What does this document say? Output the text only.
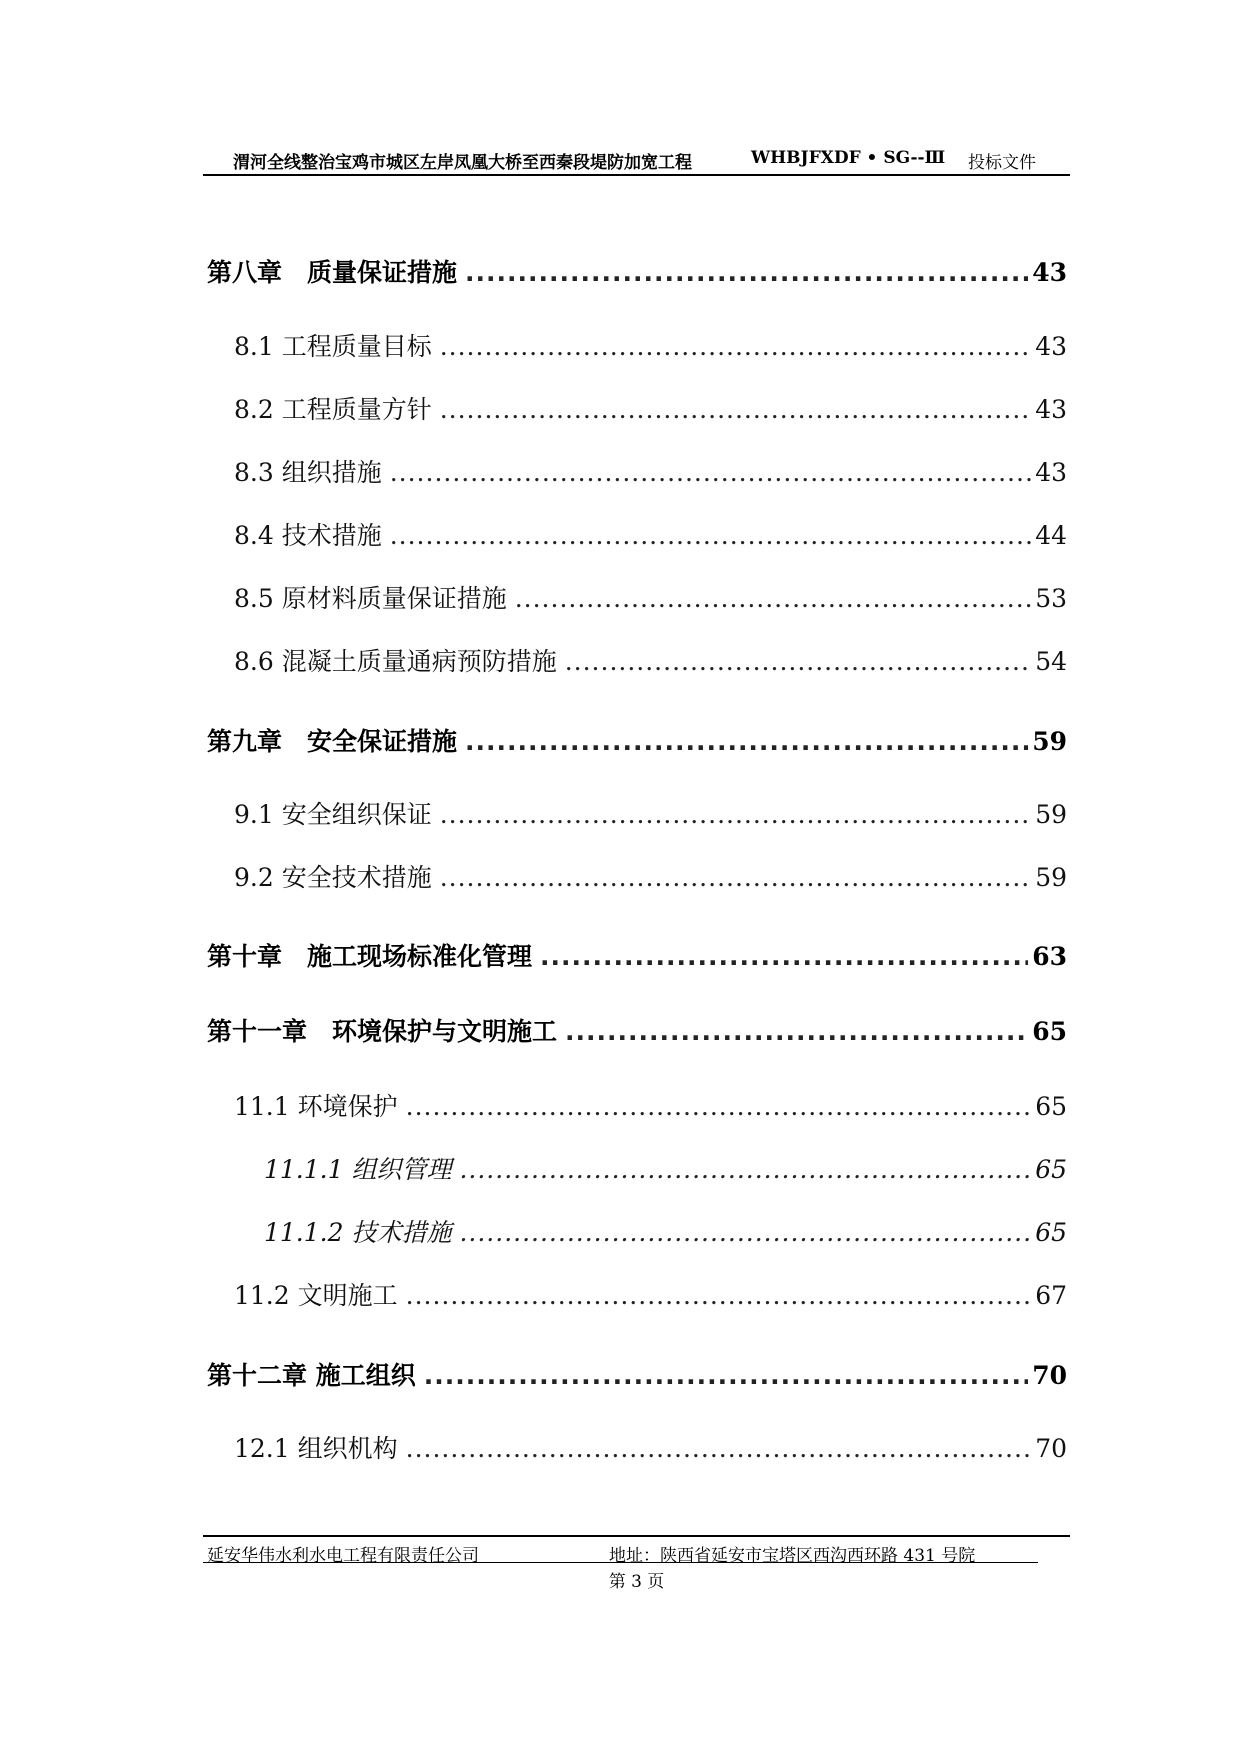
渭河全线整治宝鸡市城区左岸凤凰大桥至西秦段堤防加宽工程	WHBJFXDF • SG--Ⅲ 投标文件
第八章　质量保证措施 .....	43
8.1 工程质量目标 .....	43
8.2 工程质量方针 .....	43
8.3 组织措施 .....	43
8.4 技术措施 .....	44
8.5 原材料质量保证措施 .....	53
8.6 混凝土质量通病预防措施 .....	54
第九章　安全保证措施 .....	59
9.1 安全组织保证 .....	59
9.2 安全技术措施 .....	59
第十章　施工现场标准化管理 .....	63
第十一章　环境保护与文明施工 .....	65
11.1 环境保护 .....	65
11.1.1 组织管理 .....	65
11.1.2 技术措施 .....	65
11.2 文明施工 .....	67
第十二章 施工组织 .....	70
12.1 组织机构 .....	70
延安华伟水利水电工程有限责任公司	地址：陕西省延安市宝塔区西沟西环路 431 号院
第 3 页
